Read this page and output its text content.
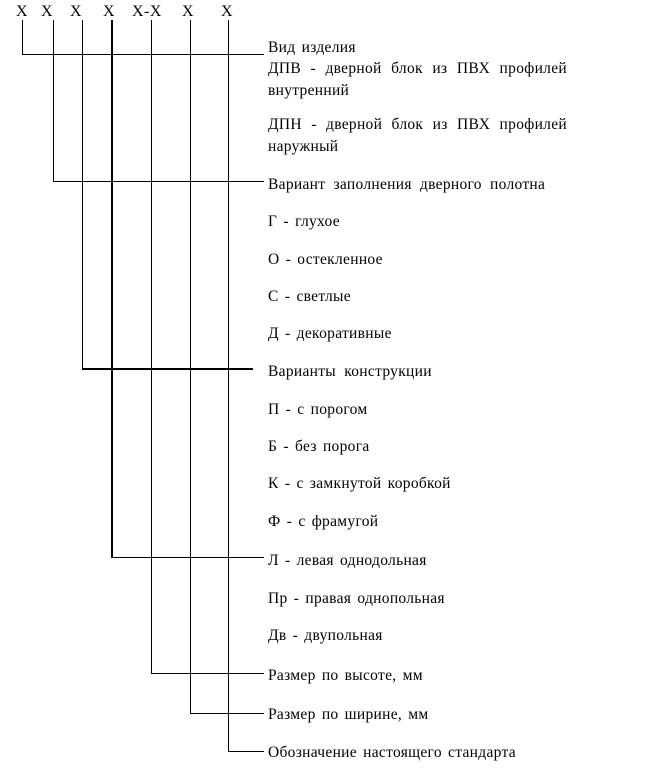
Х Х Х Х Х-Х Х Х
Вид изделия
ДПВ - дверной блок из ПВХ профилей
внутренний
ДПН - дверной блок из ПВХ профилей
наружный
Вариант заполнения дверного полотна
Г - глухое
О - остекленное
С - светлые
Д - декоративные
Варианты конструкции
П - с порогом
Б - без порога
К - с замкнутой коробкой
Ф - с фрамугой
Л - левая однодольная
Пр - правая однопольная
Дв - двупольная
Размер по высоте, мм
Размер по ширине, мм
Обозначение настоящего стандарта
